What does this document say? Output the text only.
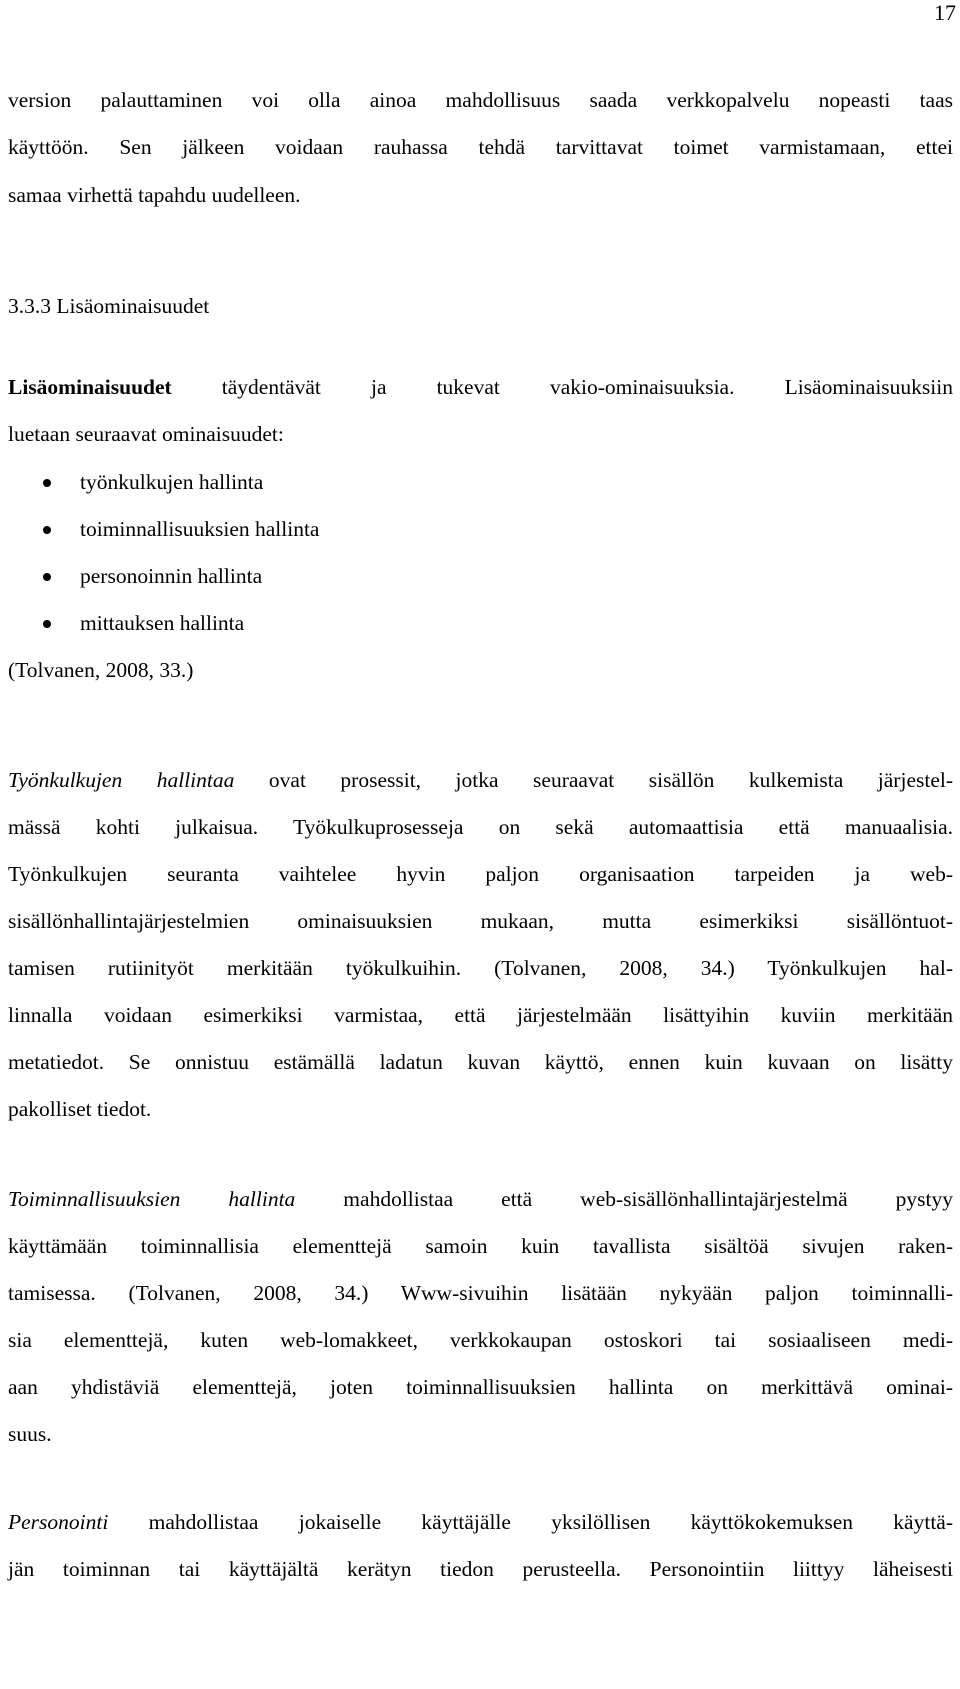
17
version palauttaminen voi olla ainoa mahdollisuus saada verkkopalvelu nopeasti taas
käyttöön. Sen jälkeen voidaan rauhassa tehdä tarvittavat toimet varmistamaan, ettei
samaa virhettä tapahdu uudelleen.
3.3.3 Lisäominaisuudet
Lisäominaisuudet täydentävät ja tukevat vakio-ominaisuuksia. Lisäominaisuuksiin
luetaan seuraavat ominaisuudet:
työnkulkujen hallinta
toiminnallisuuksien hallinta
personoinnin hallinta
mittauksen hallinta
(Tolvanen, 2008, 33.)
Työnkulkujen hallintaa ovat prosessit, jotka seuraavat sisällön kulkemista järjestel-
mässä kohti julkaisua. Työkulkuprosesseja on sekä automaattisia että manuaalisia.
Työnkulkujen seuranta vaihtelee hyvin paljon organisaation tarpeiden ja web-
sisällönhallintajärjestelmien ominaisuuksien mukaan, mutta esimerkiksi sisällöntuot-
tamisen rutiinityöt merkitään työkulkuihin. (Tolvanen, 2008, 34.) Työnkulkujen hal-
linnalla voidaan esimerkiksi varmistaa, että järjestelmään lisättyihin kuviin merkitään
metatiedot. Se onnistuu estämällä ladatun kuvan käyttö, ennen kuin kuvaan on lisätty
pakolliset tiedot.
Toiminnallisuuksien hallinta mahdollistaa että web-sisällönhallintajärjestelmä pystyy
käyttämään toiminnallisia elementtejä samoin kuin tavallista sisältöä sivujen raken-
tamisessa. (Tolvanen, 2008, 34.) Www-sivuihin lisätään nykyään paljon toiminnalli-
sia elementtejä, kuten web-lomakkeet, verkkokaupan ostoskori tai sosiaaliseen medi-
aan yhdistäviä elementtejä, joten toiminnallisuuksien hallinta on merkittävä ominai-
suus.
Personointi mahdollistaa jokaiselle käyttäjälle yksilöllisen käyttökokemuksen käyttä-
jän toiminnan tai käyttäjältä kerätyn tiedon perusteella. Personointiin liittyy läheisesti
